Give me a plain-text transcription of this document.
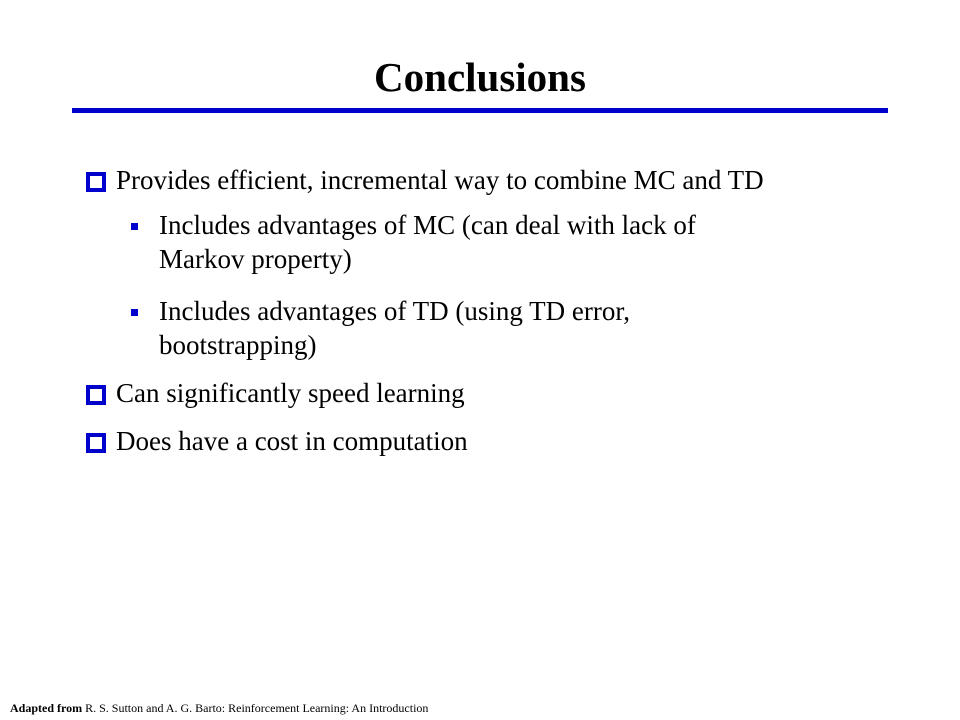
Conclusions
Provides efficient, incremental way to combine MC and TD
Includes advantages of MC (can deal with lack of
Markov property)
Includes advantages of TD (using TD error,
bootstrapping)
Can significantly speed learning
Does have a cost in computation
Adapted from R. S. Sutton and A. G. Barto: Reinforcement Learning: An Introduction
